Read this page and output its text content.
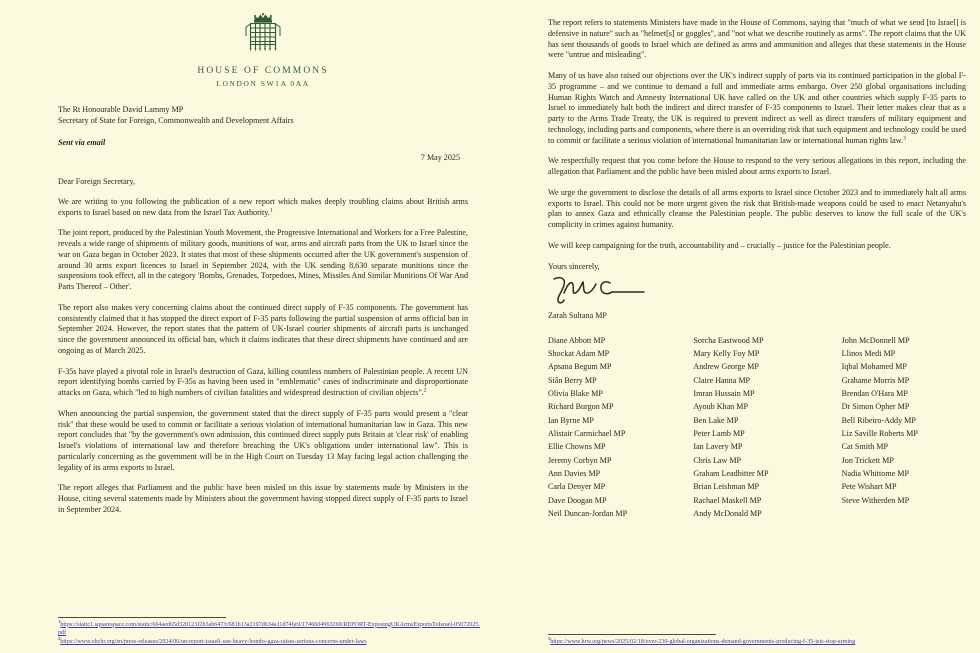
HOUSE OF COMMONS
LONDON SW1A 0AA
The Rt Honourable David Lammy MP
Secretary of State for Foreign, Commonwealth and Development Affairs
Sent via email
7 May 2025
Dear Foreign Secretary,

We are writing to you following the publication of a new report which makes deeply troubling claims about British arms exports to Israel based on new data from the Israel Tax Authority.$^1$

The joint report, produced by the Palestinian Youth Movement, the Progressive International and Workers for a Free Palestine, reveals a wide range of shipments of military goods, munitions of war, arms and aircraft parts from the UK to Israel since the war on Gaza began in October 2023. It states that most of these shipments occurred after the UK government's suspension of around 30 arms export licences to Israel in September 2024, with the UK sending 8,630 separate munitions since the suspensions took effect, all in the category 'Bombs, Grenades, Torpedoes, Mines, Missiles And Similar Munitions Of War And Parts Thereof – Other'.

The report also makes very concerning claims about the continued direct supply of F-35 components. The government has consistently claimed that it has stopped the direct export of F-35 parts following the partial suspension of arms official ban in September 2024. However, the report states that the pattern of UK-Israel courier shipments of aircraft parts is unchanged since the government announced its official ban, which it claims indicates that these direct shipments have continued and are ongoing as of March 2025.

F-35s have played a pivotal role in Israel's destruction of Gaza, killing countless numbers of Palestinian people. A recent UN report identifying bombs carried by F-35s as having been used in "emblematic" cases of indiscriminate and disproportionate attacks on Gaza, which "led to high numbers of civilian fatalities and widespread destruction of civilian objects".$^2$

When announcing the partial suspension, the government stated that the direct supply of F-35 parts would present a "clear risk" that these would be used to commit or facilitate a serious violation of international humanitarian law in Gaza. This new report concludes that "by the government's own admission, this continued direct supply puts Britain at 'clear risk' of enabling Israel's violations of international law and therefore breaching the UK's obligations under international law". This is particularly concerning as the government will be in the High Court on Tuesday 13 May facing legal action challenging the legality of its arms exports to Israel.

The report alleges that Parliament and the public have been misled on this issue by statements made by Ministers in the House, citing several statements made by Ministers about the government having stopped direct supply of F-35 parts to Israel in September 2024.

$^1$https://static1.squarespace.com/static/664aed65d320123f2b3ab647/t/681b13a2197d634a11d746c0/1746604963269/REPORT-ExposingUKArmsExportsToIsrael-05072025.pdf

$^2$https://www.ohchr.org/en/press-releases/2024/06/un-report-israeli-use-heavy-bombs-gaza-raises-serious-concerns-under-laws

The report refers to statements Ministers have made in the House of Commons, saying that "much of what we send [to Israel] is defensive in nature" such as "helmet[s] or goggles", and "not what we describe routinely as arms". The report claims that the UK has sent thousands of goods to Israel which are defined as arms and ammunition and alleges that these statements in the House were "untrue and misleading".

Many of us have also raised our objections over the UK's indirect supply of parts via its continued participation in the global F-35 programme – and we continue to demand a full and immediate arms embargo. Over 250 global organisations including Human Rights Watch and Amnesty International UK have called on the UK and other countries which supply F-35 parts to Israel to immediately halt both the indirect and direct transfer of F-35 components to Israel. Their letter makes clear that as a party to the Arms Trade Treaty, the UK is required to prevent indirect as well as direct transfers of military equipment and technology, including parts and components, where there is an overriding risk that such equipment and technology could be used to commit or facilitate a serious violation of international humanitarian law or international human rights law.$^3$

We respectfully request that you come before the House to respond to the very serious allegations in this report, including the allegation that Parliament and the public have been misled about arms exports to Israel.

We urge the government to disclose the details of all arms exports to Israel since October 2023 and to immediately halt all arms exports to Israel. This could not be more urgent given the risk that British-made weapons could be used to enact Netanyahu's plan to annex Gaza and ethnically cleanse the Palestinian people. The public deserves to know the full scale of the UK's complicity in crimes against humanity.

We will keep campaigning for the truth, accountability and – crucially – justice for the Palestinian people.

Yours sincerely,
Zarah Sultana MP
Diane Abbott MP
Shockat Adam MP
Apsana Begum MP
Siân Berry MP
Olivia Blake MP
Richard Burgon MP
Ian Byrne MP
Alistair Carmichael MP
Ellie Chowns MP
Jeremy Corbyn MP
Ann Davies MP
Carla Denyer MP
Dave Doogan MP
Neil Duncan-Jordan MP
Sorcha Eastwood MP
Mary Kelly Foy MP
Andrew George MP
Claire Hanna MP
Imran Hussain MP
Ayoub Khan MP
Ben Lake MP
Peter Lamb MP
Ian Lavery MP
Chris Law MP
Graham Leadbitter MP
Brian Leishman MP
Rachael Maskell MP
Andy McDonald MP
John McDonnell MP
Llinos Medi MP
Iqbal Mohamed MP
Grahame Morris MP
Brendan O'Hara MP
Dr Simon Opher MP
Bell Ribeiro-Addy MP
Liz Saville Roberts MP
Cat Smith MP
Jon Trickett MP
Nadia Whittome MP
Pete Wishart MP
Steve Witherden MP

$^3$https://www.hrw.org/news/2025/02/18/over-230-global-organizations-demand-governments-producing-f-35-jets-stop-arming
